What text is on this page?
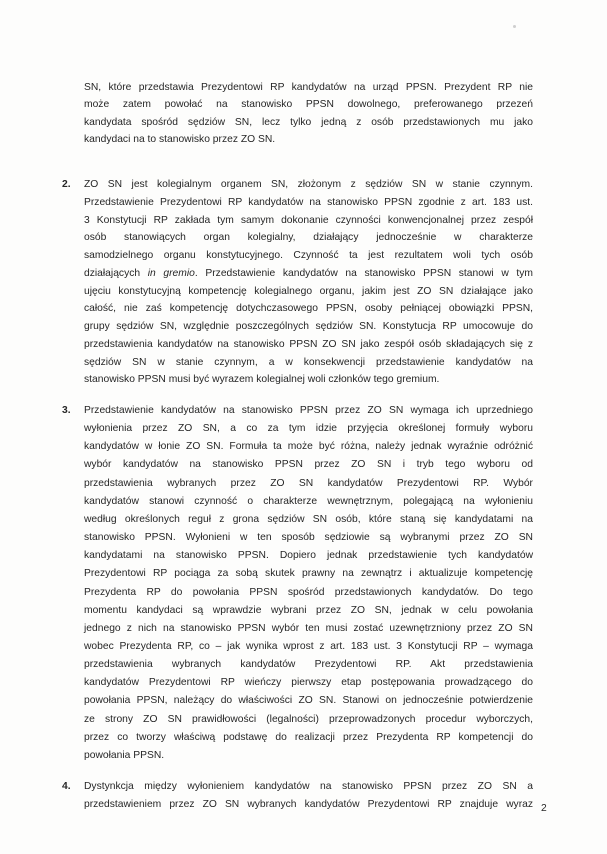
SN, które przedstawia Prezydentowi RP kandydatów na urząd PPSN. Prezydent RP nie
może zatem powołać na stanowisko PPSN dowolnego, preferowanego przezeń
kandydata spośród sędziów SN, lecz tylko jedną z osób przedstawionych mu jako
kandydaci na to stanowisko przez ZO SN.
2. ZO SN jest kolegialnym organem SN, złożonym z sędziów SN w stanie czynnym.
Przedstawienie Prezydentowi RP kandydatów na stanowisko PPSN zgodnie z art. 183 ust.
3 Konstytucji RP zakłada tym samym dokonanie czynności konwencjonalnej przez zespół
osób stanowiących organ kolegialny, działający jednocześnie w charakterze
samodzielnego organu konstytucyjnego. Czynność ta jest rezultatem woli tych osób
działających in gremio. Przedstawienie kandydatów na stanowisko PPSN stanowi w tym
ujęciu konstytucyjną kompetencję kolegialnego organu, jakim jest ZO SN działające jako
całość, nie zaś kompetencję dotychczasowego PPSN, osoby pełniącej obowiązki PPSN,
grupy sędziów SN, względnie poszczególnych sędziów SN. Konstytucja RP umocowuje do
przedstawienia kandydatów na stanowisko PPSN ZO SN jako zespół osób składających się z
sędziów SN w stanie czynnym, a w konsekwencji przedstawienie kandydatów na
stanowisko PPSN musi być wyrazem kolegialnej woli członków tego gremium.
3. Przedstawienie kandydatów na stanowisko PPSN przez ZO SN wymaga ich uprzedniego
wyłonienia przez ZO SN, a co za tym idzie przyjęcia określonej formuły wyboru
kandydatów w łonie ZO SN. Formuła ta może być różna, należy jednak wyraźnie odróżnić
wybór kandydatów na stanowisko PPSN przez ZO SN i tryb tego wyboru od
przedstawienia wybranych przez ZO SN kandydatów Prezydentowi RP. Wybór
kandydatów stanowi czynność o charakterze wewnętrznym, polegającą na wyłonieniu
według określonych reguł z grona sędziów SN osób, które staną się kandydatami na
stanowisko PPSN. Wyłonieni w ten sposób sędziowie są wybranymi przez ZO SN
kandydatami na stanowisko PPSN. Dopiero jednak przedstawienie tych kandydatów
Prezydentowi RP pociąga za sobą skutek prawny na zewnątrz i aktualizuje kompetencję
Prezydenta RP do powołania PPSN spośród przedstawionych kandydatów. Do tego
momentu kandydaci są wprawdzie wybrani przez ZO SN, jednak w celu powołania
jednego z nich na stanowisko PPSN wybór ten musi zostać uzewnętrzniony przez ZO SN
wobec Prezydenta RP, co – jak wynika wprost z art. 183 ust. 3 Konstytucji RP – wymaga
przedstawienia wybranych kandydatów Prezydentowi RP. Akt przedstawienia
kandydatów Prezydentowi RP wieńczy pierwszy etap postępowania prowadzącego do
powołania PPSN, należący do właściwości ZO SN. Stanowi on jednocześnie potwierdzenie
ze strony ZO SN prawidłowości (legalności) przeprowadzonych procedur wyborczych,
przez co tworzy właściwą podstawę do realizacji przez Prezydenta RP kompetencji do
powołania PPSN.
4. Dystynkcja między wyłonieniem kandydatów na stanowisko PPSN przez ZO SN a
przedstawieniem przez ZO SN wybranych kandydatów Prezydentowi RP znajduje wyraz 2
